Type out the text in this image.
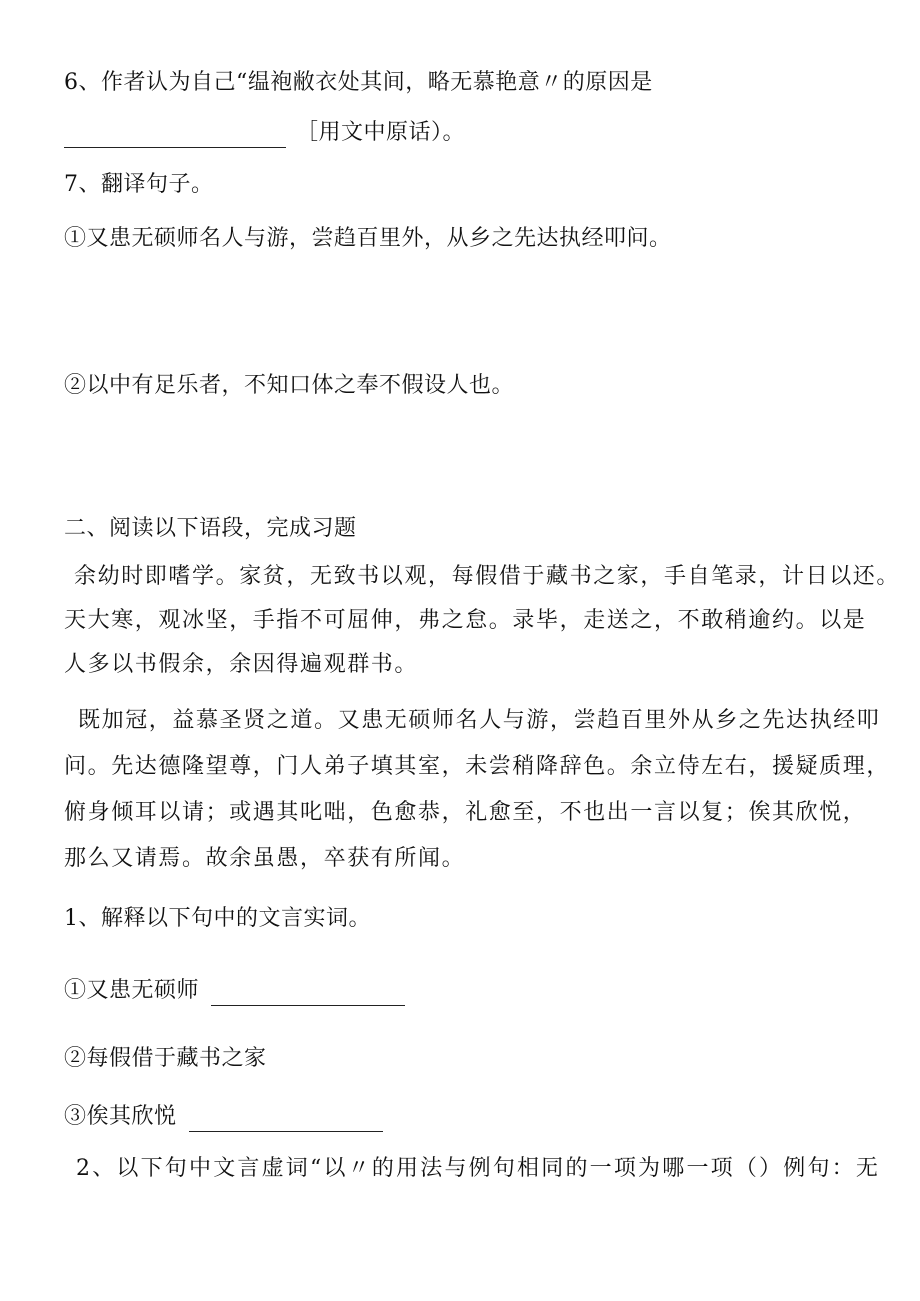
6、作者认为自己“缊袍敝衣处其间，略无慕艳意〃的原因是
［用文中原话）。
7、翻译句子。
①又患无硕师名人与游，尝趋百里外，从乡之先达执经叩问。
②以中有足乐者，不知口体之奉不假设人也。
二、阅读以下语段，完成习题
余幼时即嗜学。家贫，无致书以观，每假借于藏书之家，手自笔录，计日以还。
天大寒，观冰坚，手指不可屈伸，弗之怠。录毕，走送之，不敢稍逾约。以是
人多以书假余，余因得遍观群书。
既加冠，益慕圣贤之道。又患无硕师名人与游，尝趋百里外从乡之先达执经叩
问。先达德隆望尊，门人弟子填其室，未尝稍降辞色。余立侍左右，援疑质理，
俯身倾耳以请；或遇其叱咄，色愈恭，礼愈至，不也出一言以复；俟其欣悦，
那么又请焉。故余虽愚，卒获有所闻。
1、解释以下句中的文言实词。
①又患无硕师
②每假借于藏书之家
③俟其欣悦
2、以下句中文言虚词“以〃的用法与例句相同的一项为哪一项（）例句：无
